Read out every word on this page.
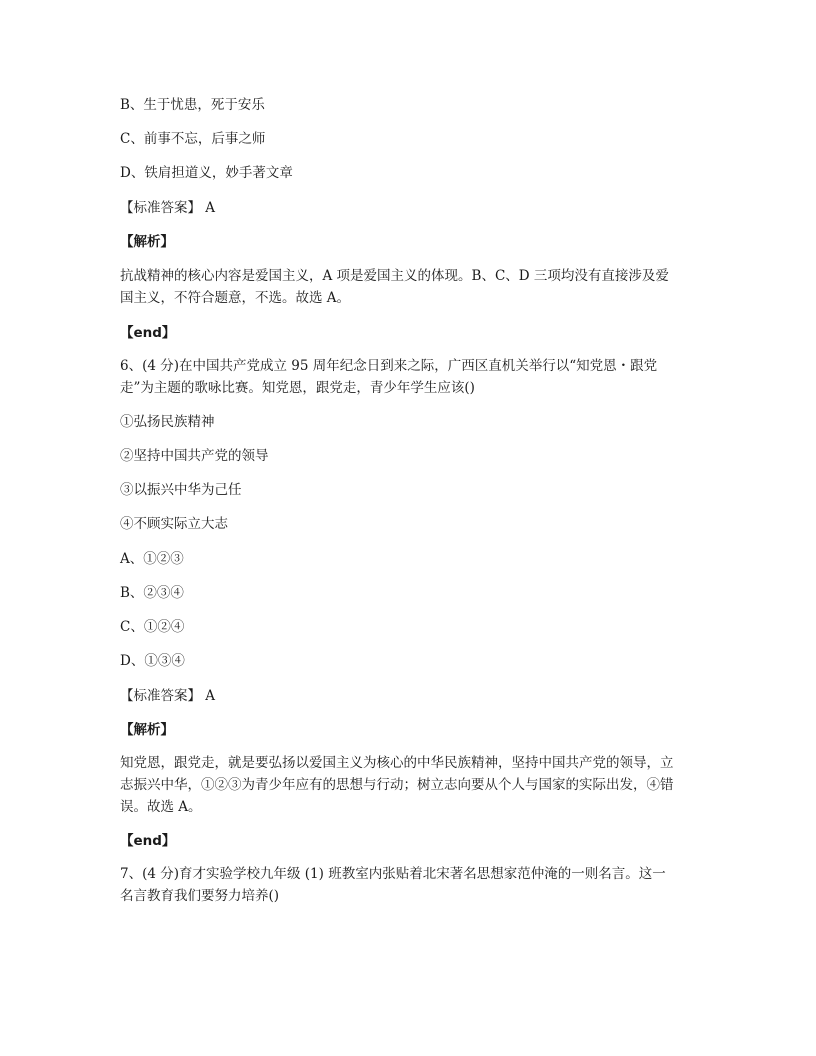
B、生于忧患，死于安乐
C、前事不忘，后事之师
D、铁肩担道义，妙手著文章
【标准答案】 A
【解析】
抗战精神的核心内容是爱国主义，A 项是爱国主义的体现。B、C、D 三项均没有直接涉及爱
国主义，不符合题意，不选。故选 A。
【end】
6、(4 分)在中国共产党成立 95 周年纪念日到来之际，广西区直机关举行以“知党恩・跟党
走”为主题的歌咏比赛。知党恩，跟党走，青少年学生应该()
①弘扬民族精神
②坚持中国共产党的领导
③以振兴中华为己任
④不顾实际立大志
A、①②③
B、②③④
C、①②④
D、①③④
【标准答案】 A
【解析】
知党恩，跟党走，就是要弘扬以爱国主义为核心的中华民族精神，坚持中国共产党的领导，立
志振兴中华，①②③为青少年应有的思想与行动；树立志向要从个人与国家的实际出发，④错
误。故选 A。
【end】
7、(4 分)育才实验学校九年级 (1) 班教室内张贴着北宋著名思想家范仲淹的一则名言。这一
名言教育我们要努力培养()
